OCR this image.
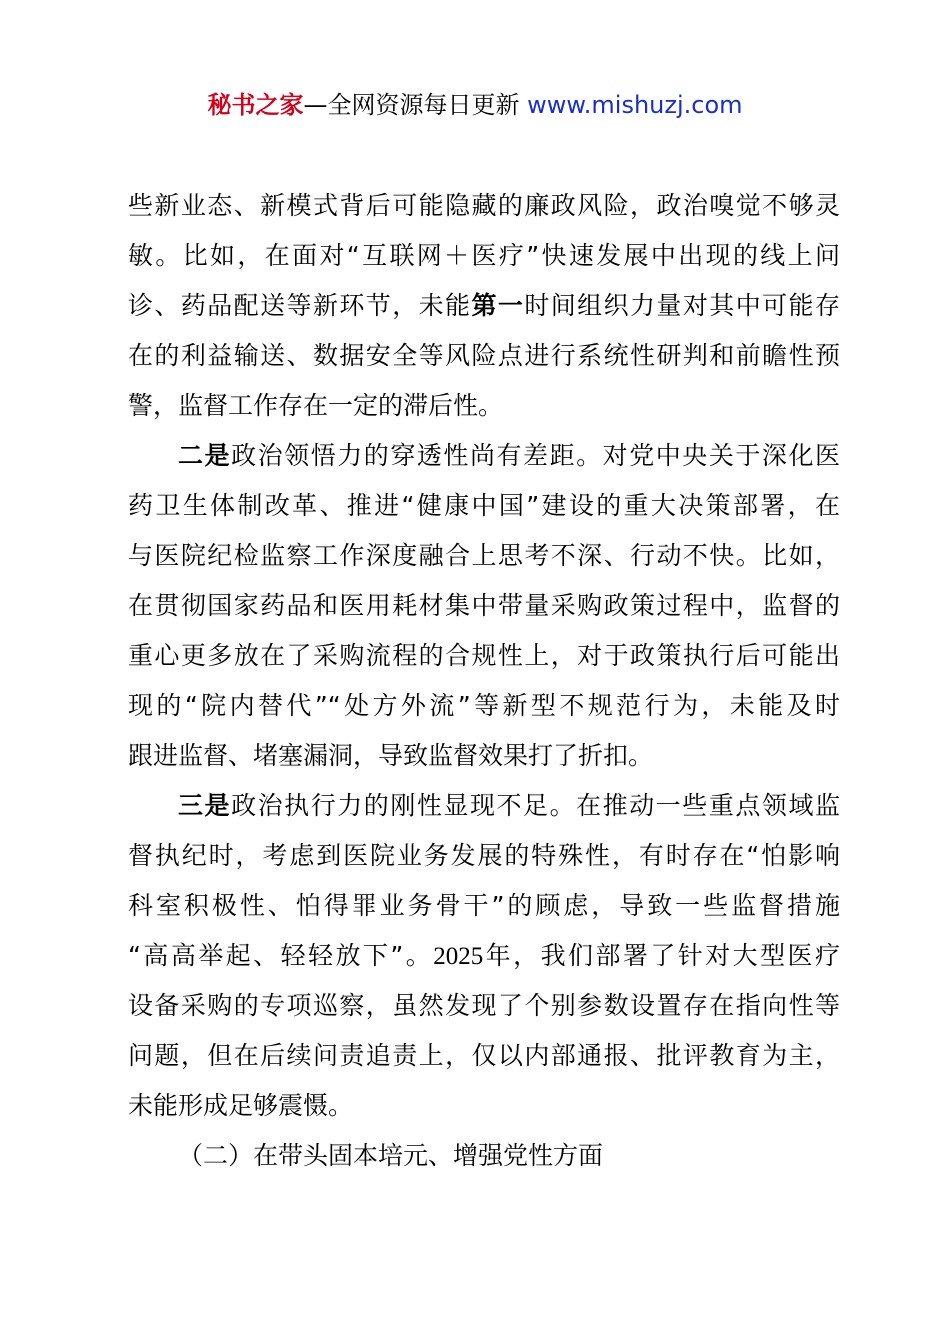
秘书之家—全网资源每日更新 www.mishuzj.com
些新业态、新模式背后可能隐藏的廉政风险，政治嗅觉不够灵
敏。比如，在面对“互联网＋医疗”快速发展中出现的线上问
诊、药品配送等新环节，未能第一时间组织力量对其中可能存
在的利益输送、数据安全等风险点进行系统性研判和前瞻性预
警，监督工作存在一定的滞后性。
二是政治领悟力的穿透性尚有差距。对党中央关于深化医
药卫生体制改革、推进“健康中国”建设的重大决策部署，在
与医院纪检监察工作深度融合上思考不深、行动不快。比如，
在贯彻国家药品和医用耗材集中带量采购政策过程中，监督的
重心更多放在了采购流程的合规性上，对于政策执行后可能出
现的“院内替代”“处方外流”等新型不规范行为，未能及时
跟进监督、堵塞漏洞，导致监督效果打了折扣。
三是政治执行力的刚性显现不足。在推动一些重点领域监
督执纪时，考虑到医院业务发展的特殊性，有时存在“怕影响
科室积极性、怕得罪业务骨干”的顾虑，导致一些监督措施
“高高举起、轻轻放下”。2025年，我们部署了针对大型医疗
设备采购的专项巡察，虽然发现了个别参数设置存在指向性等
问题，但在后续问责追责上，仅以内部通报、批评教育为主，
未能形成足够震慑。
（二）在带头固本培元、增强党性方面
